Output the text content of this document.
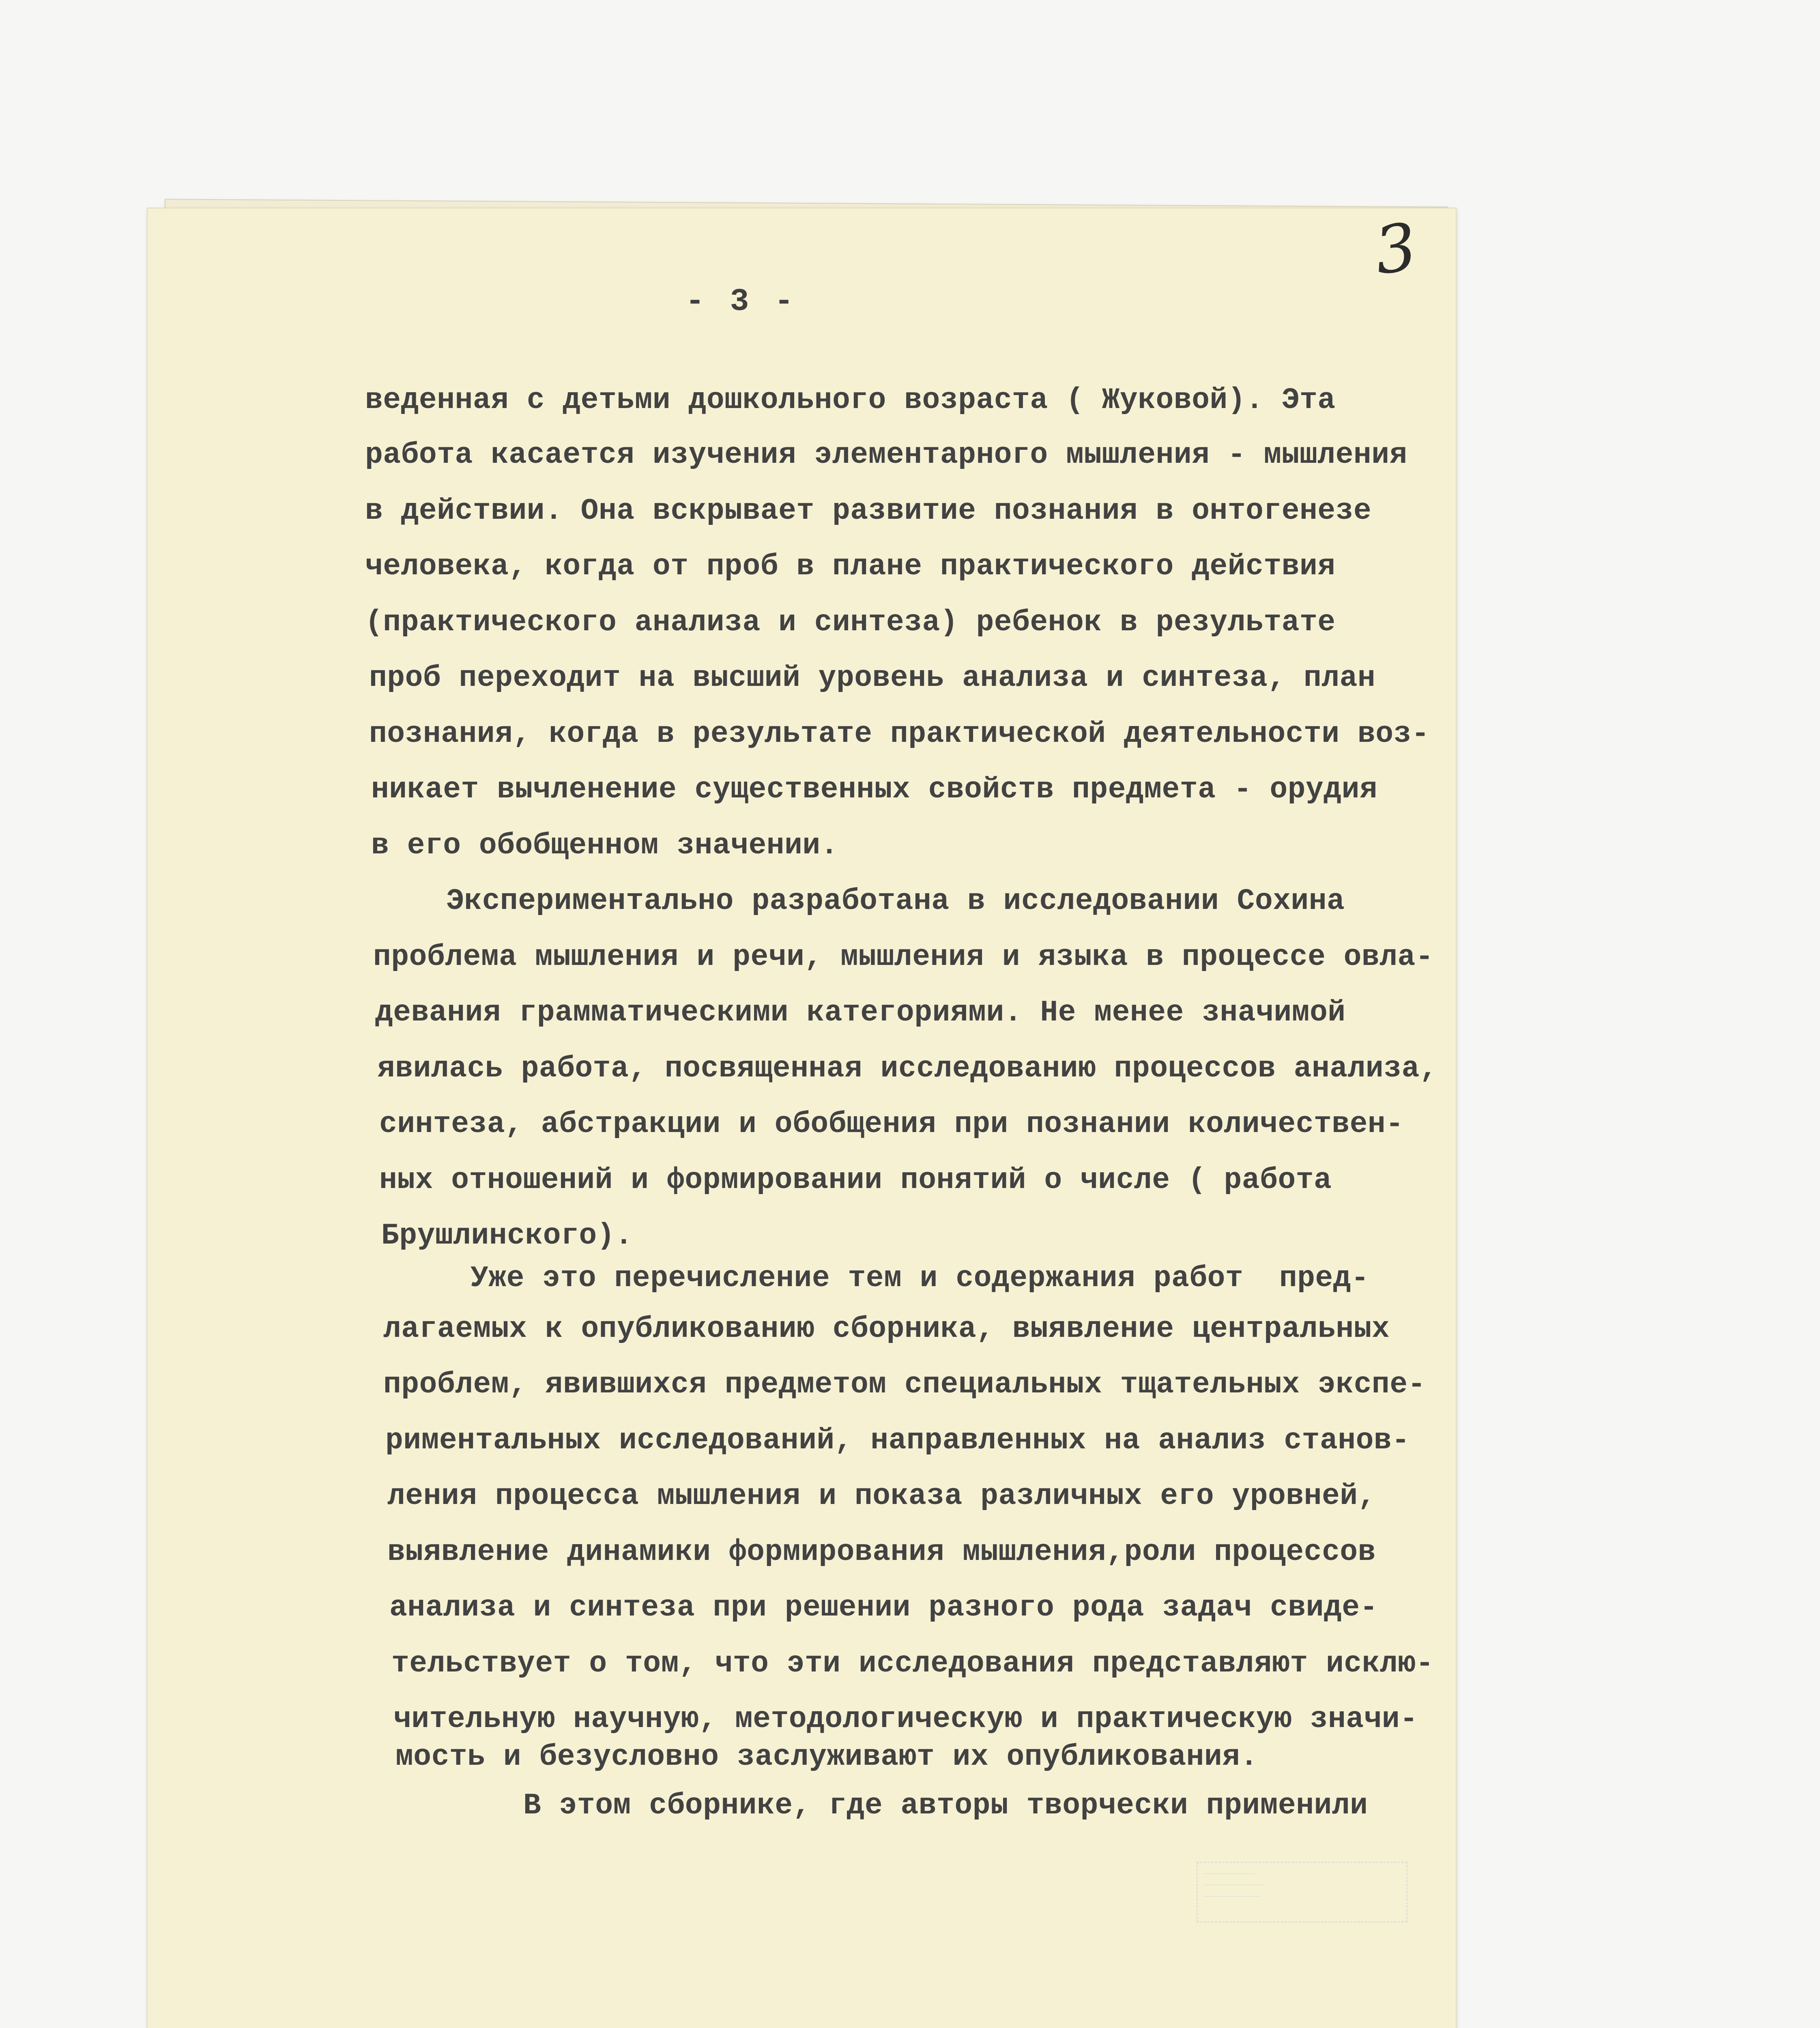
3
- 3 -
веденная с детьми дошкольного возраста ( Жуковой). Эта
работа касается изучения элементарного мышления - мышления
в действии. Она вскрывает развитие познания в онтогенезе
человека, когда от проб в плане практического действия
(практического анализа и синтеза) ребенок в результате
проб переходит на высший уровень анализа и синтеза, план
познания, когда в результате практической деятельности воз-
никает вычленение существенных свойств предмета - орудия
в его обобщенном значении.
Экспериментально разработана в исследовании Сохина
проблема мышления и речи, мышления и языка в процессе овла-
девания грамматическими категориями. Не менее значимой
явилась работа, посвященная исследованию процессов анализа,
синтеза, абстракции и обобщения при познании количествен-
ных отношений и формировании понятий о числе ( работа
Брушлинского).
Уже это перечисление тем и содержания работ  пред-
лагаемых к опубликованию сборника, выявление центральных
проблем, явившихся предметом специальных тщательных экспе-
риментальных исследований, направленных на анализ станов-
ления процесса мышления и показа различных его уровней,
выявление динамики формирования мышления,роли процессов
анализа и синтеза при решении разного рода задач свиде-
тельствует о том, что эти исследования представляют исклю-
чительную научную, методологическую и практическую значи-
мость и безусловно заслуживают их опубликования.
В этом сборнике, где авторы творчески применили
──────────
────────────
───────────
